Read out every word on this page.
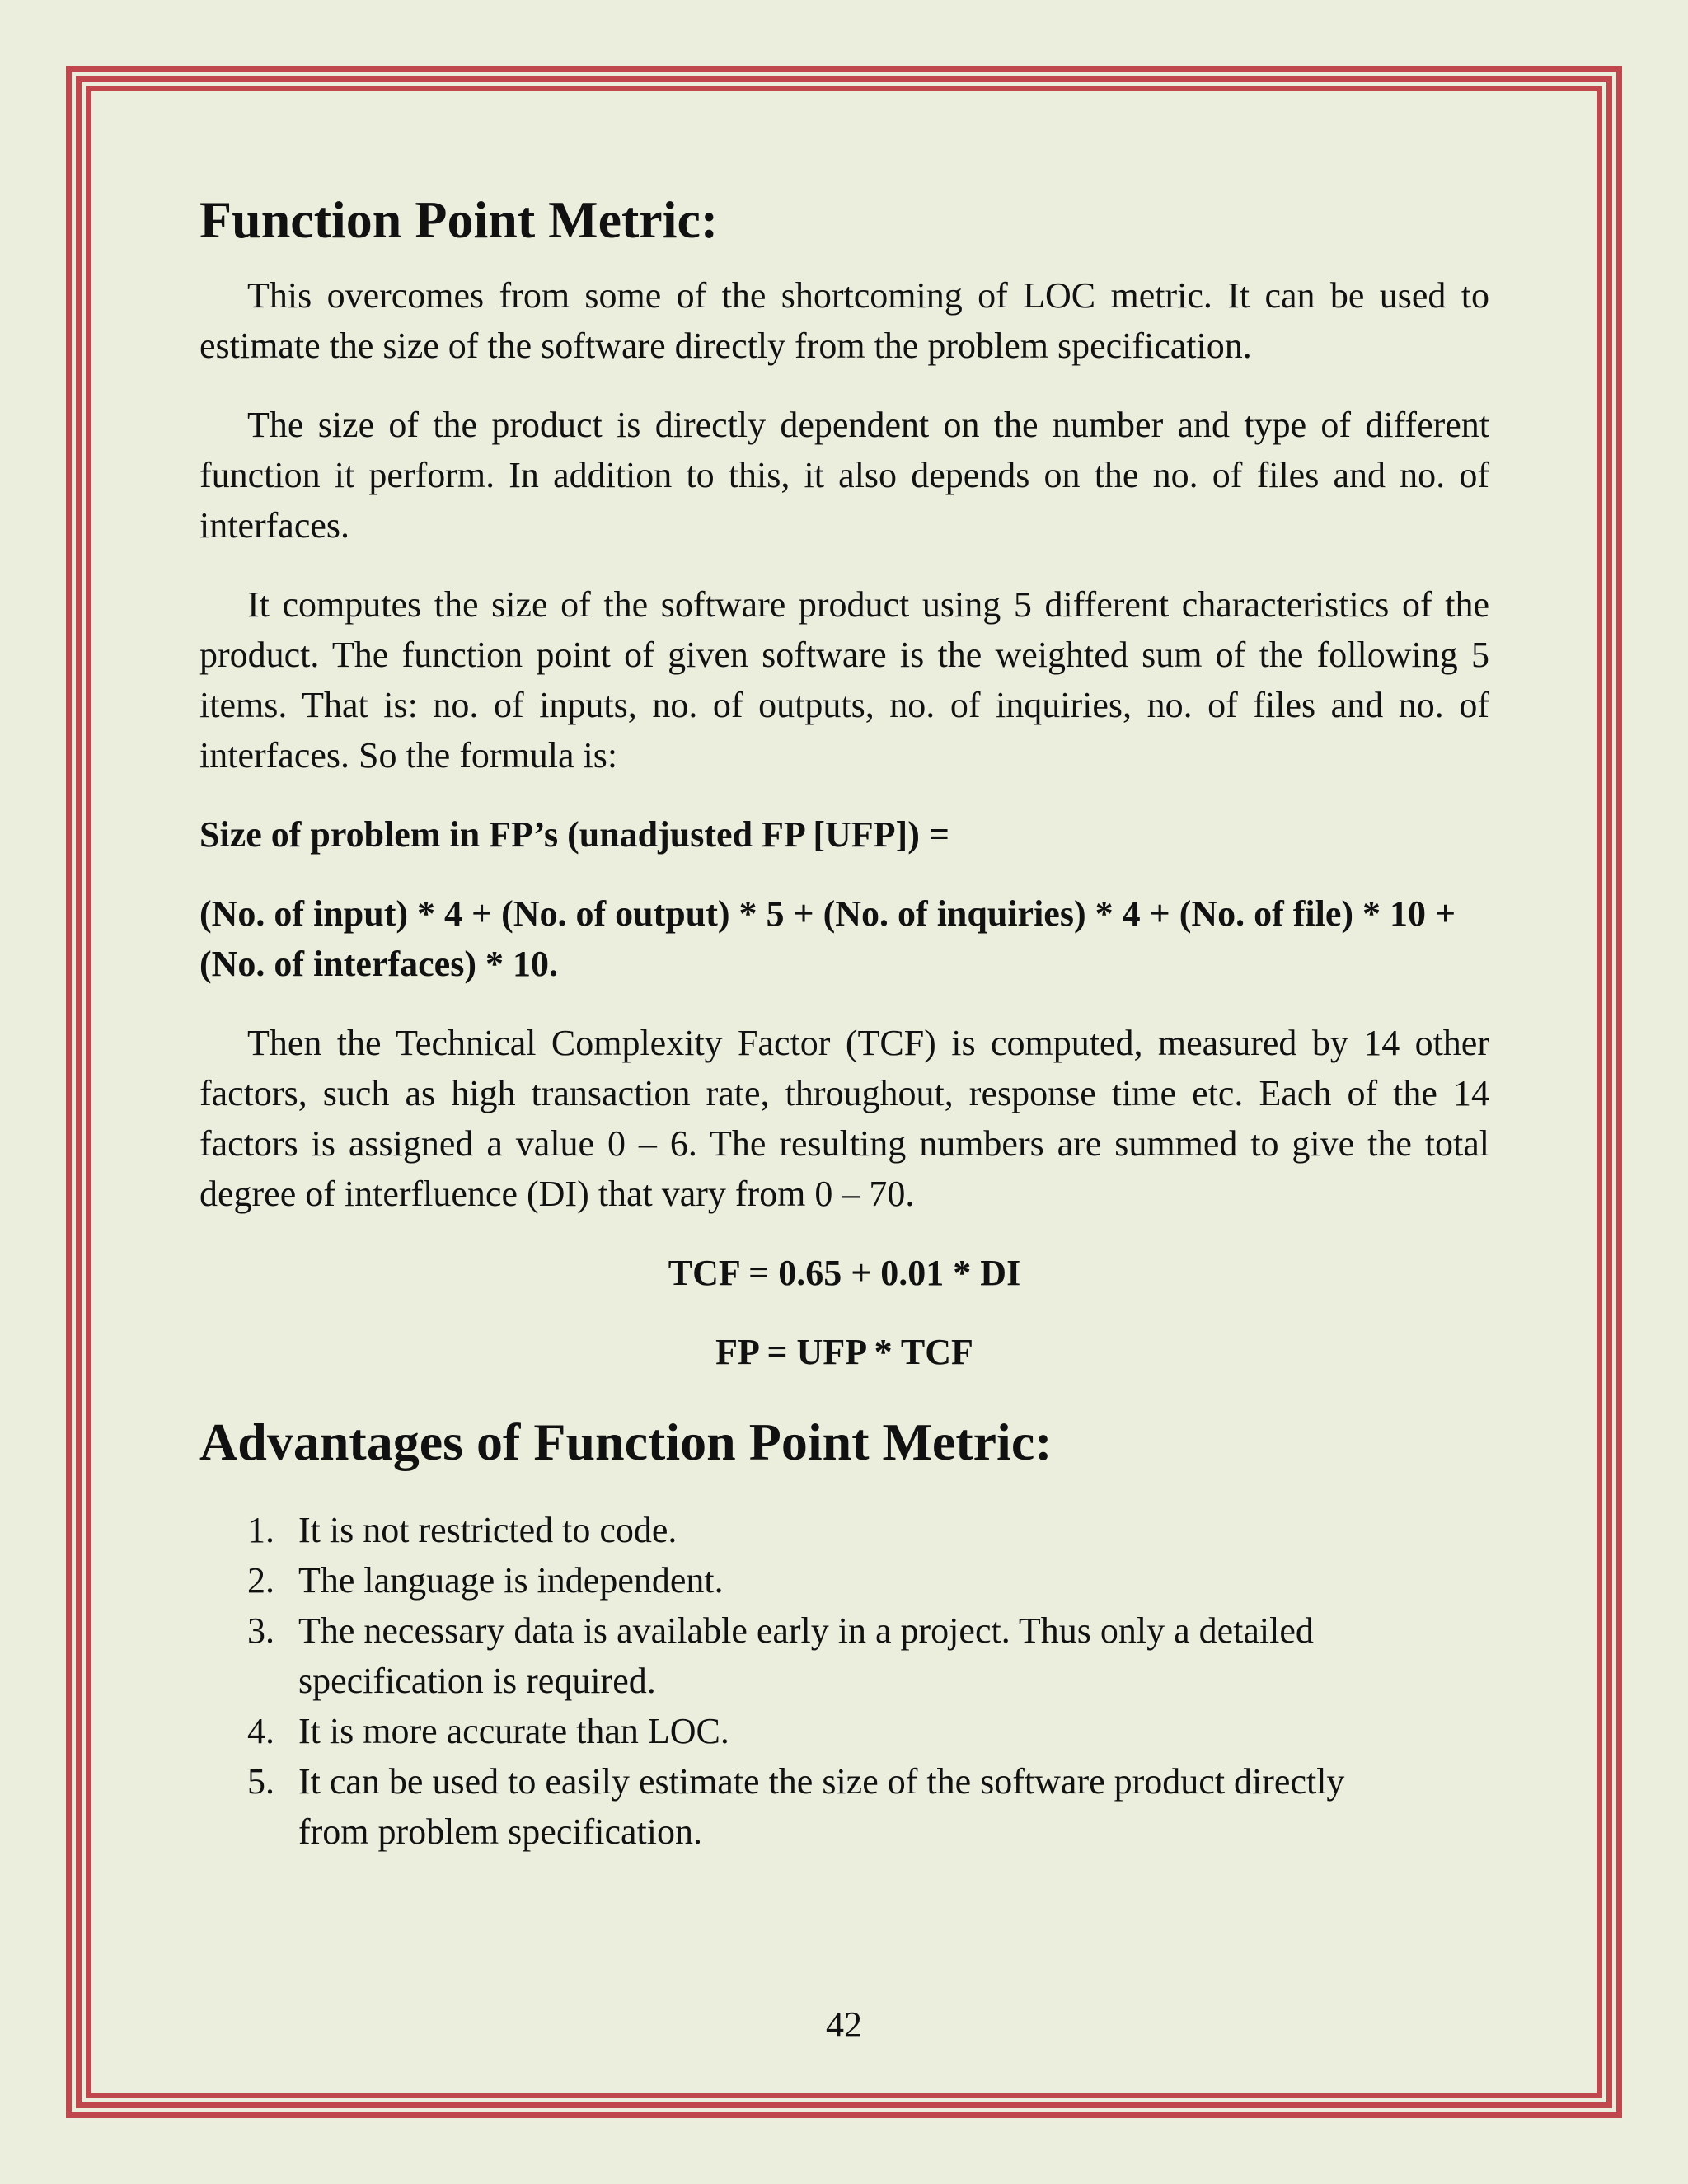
Function Point Metric:

This overcomes from some of the shortcoming of LOC metric. It can be used to estimate the size of the software directly from the problem specification.

The size of the product is directly dependent on the number and type of different function it perform. In addition to this, it also depends on the no. of files and no. of interfaces.

It computes the size of the software product using 5 different characteristics of the product. The function point of given software is the weighted sum of the following 5 items. That is: no. of inputs, no. of outputs, no. of inquiries, no. of files and no. of interfaces. So the formula is:

Size of problem in FP’s (unadjusted FP [UFP]) =

(No. of input) * 4 + (No. of output) * 5 + (No. of inquiries) * 4 + (No. of file) * 10 + (No. of interfaces) * 10.

Then the Technical Complexity Factor (TCF) is computed, measured by 14 other factors, such as high transaction rate, throughout, response time etc. Each of the 14 factors is assigned a value 0 – 6. The resulting numbers are summed to give the total degree of interfluence (DI) that vary from 0 – 70.

TCF = 0.65 + 0.01 * DI

FP = UFP * TCF

Advantages of Function Point Metric:
1. It is not restricted to code.
2. The language is independent.
3. The necessary data is available early in a project. Thus only a detailed specification is required.
4. It is more accurate than LOC.
5. It can be used to easily estimate the size of the software product directly from problem specification.
42
